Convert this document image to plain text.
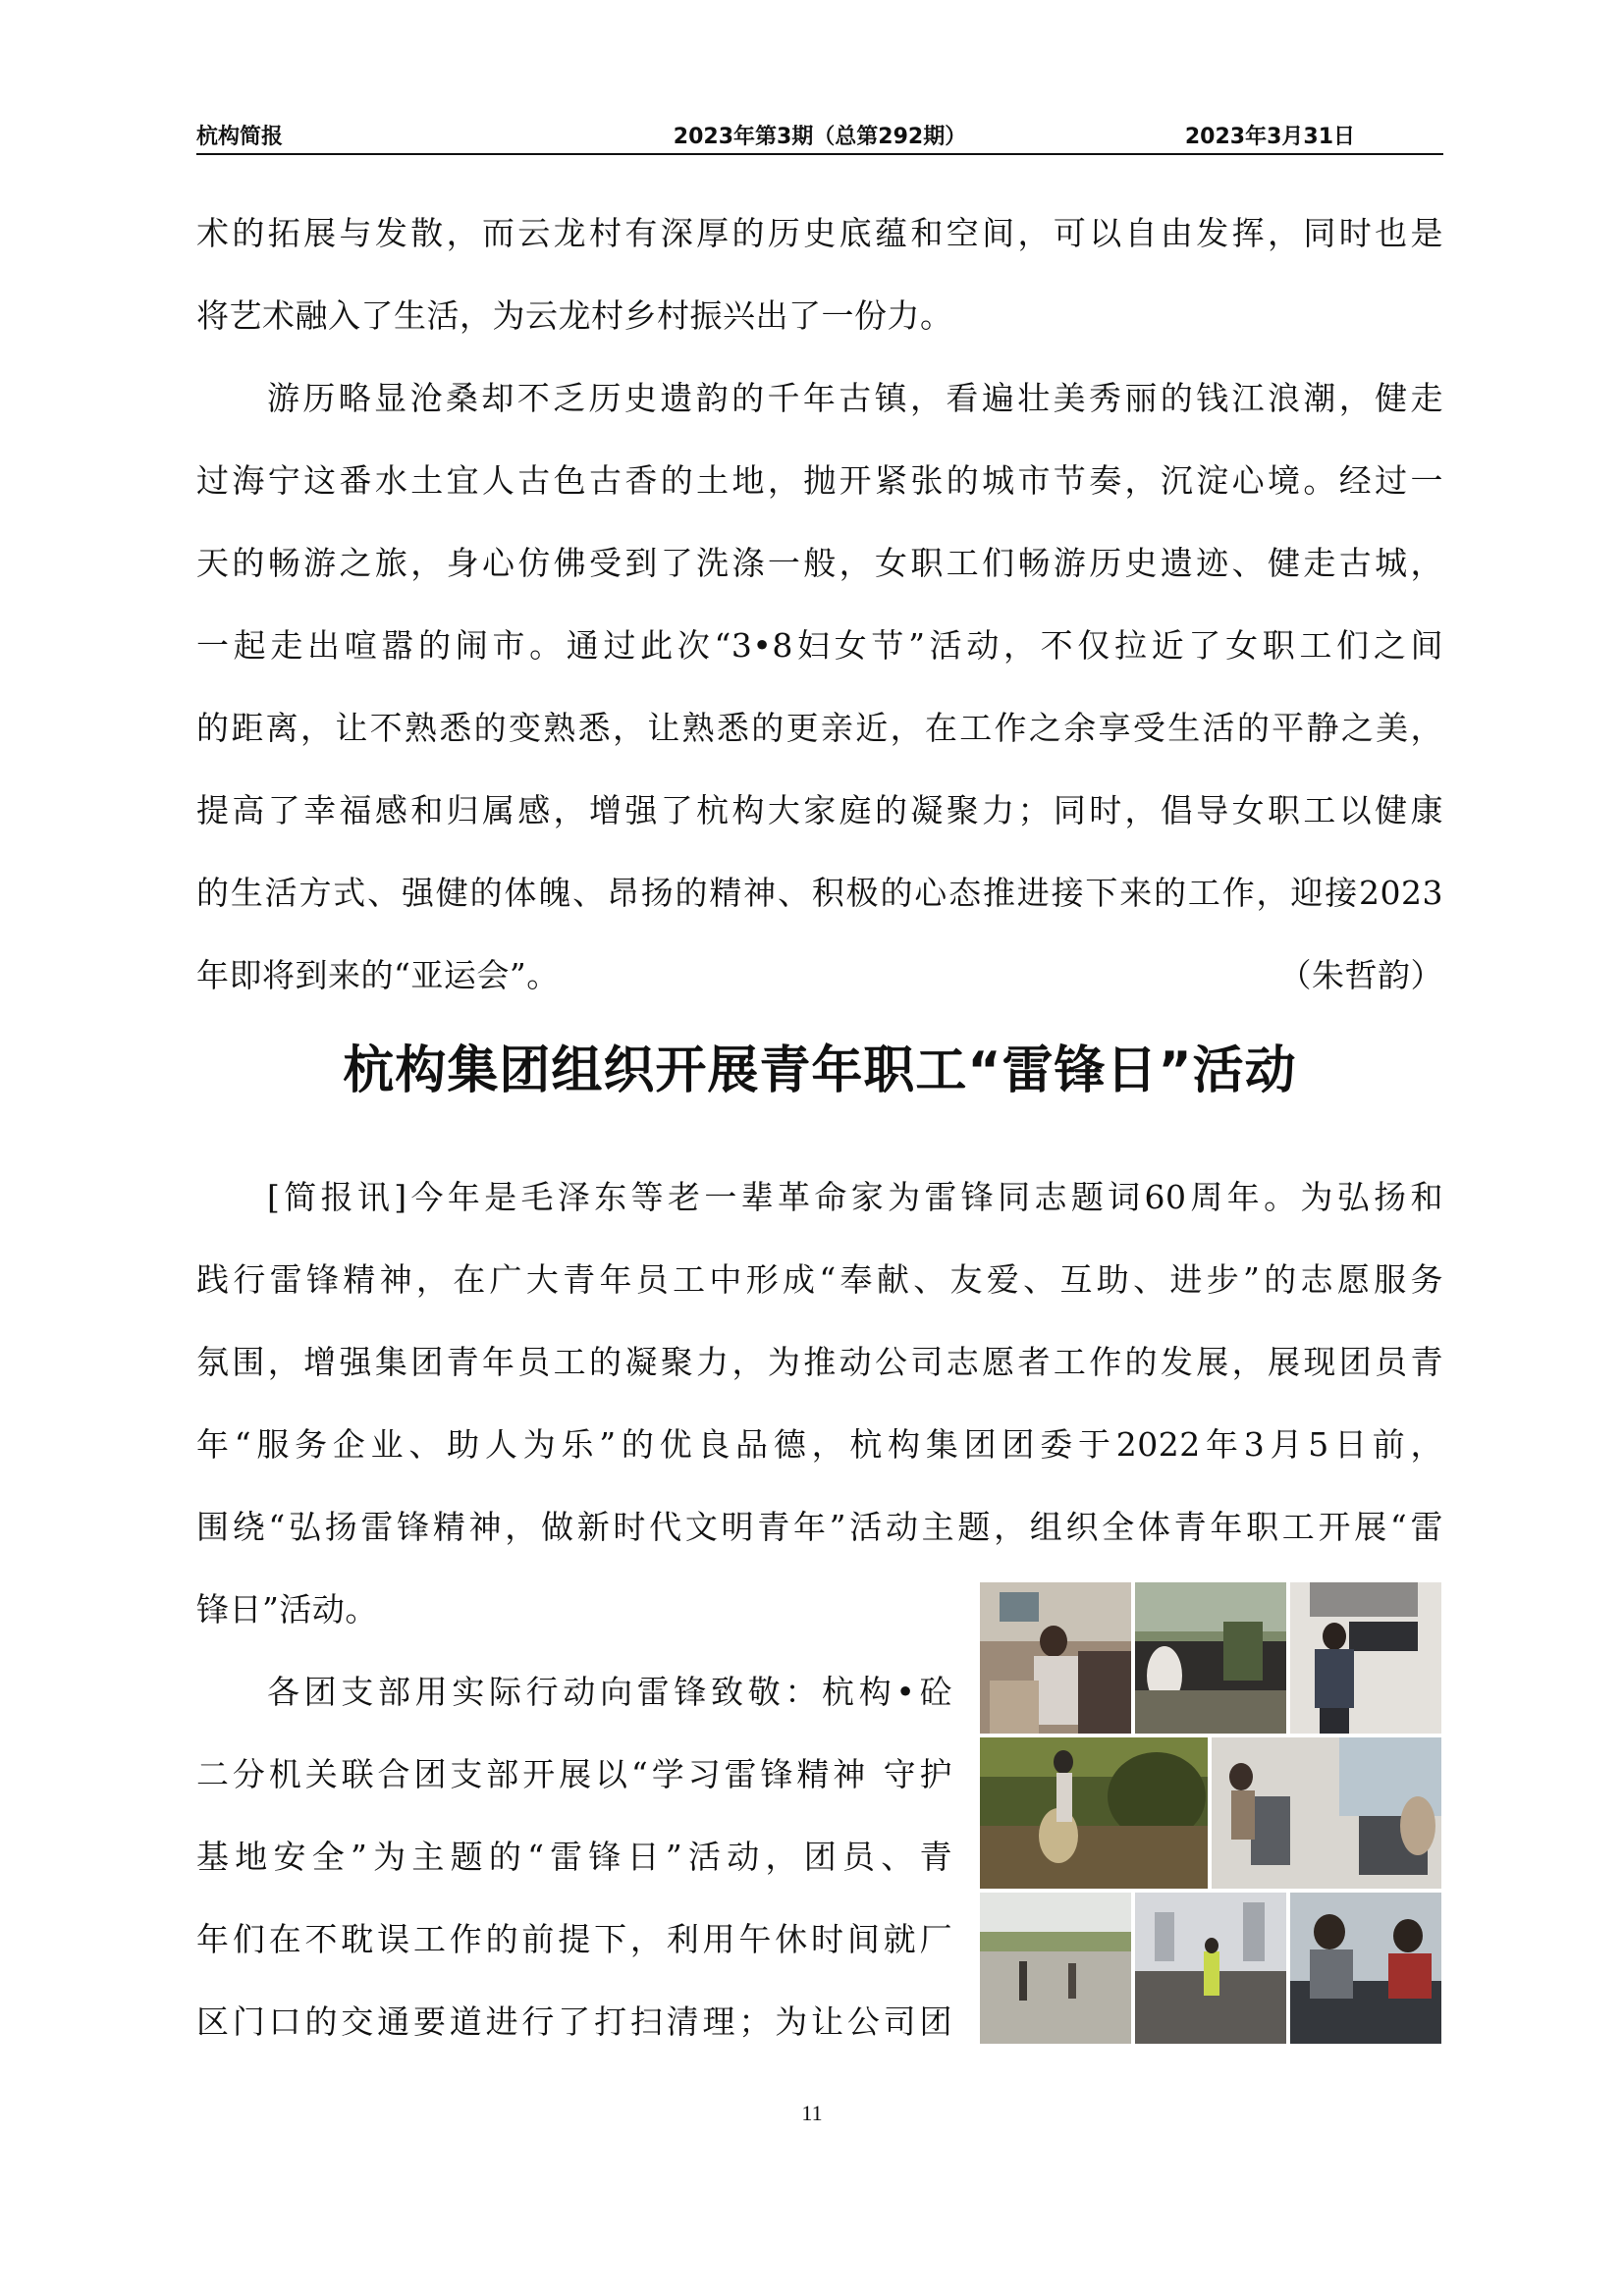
杭构简报	2023年第3期（总第292期）	2023年3月31日
术的拓展与发散，而云龙村有深厚的历史底蕴和空间，可以自由发挥，同时也是
将艺术融入了生活，为云龙村乡村振兴出了一份力。
游历略显沧桑却不乏历史遗韵的千年古镇，看遍壮美秀丽的钱江浪潮，健走
过海宁这番水土宜人古色古香的土地，抛开紧张的城市节奏，沉淀心境。经过一
天的畅游之旅，身心仿佛受到了洗涤一般，女职工们畅游历史遗迹、健走古城，
一起走出喧嚣的闹市。通过此次“3•8妇女节”活动，不仅拉近了女职工们之间
的距离，让不熟悉的变熟悉，让熟悉的更亲近，在工作之余享受生活的平静之美，
提高了幸福感和归属感，增强了杭构大家庭的凝聚力；同时，倡导女职工以健康
的生活方式、强健的体魄、昂扬的精神、积极的心态推进接下来的工作，迎接2023
年即将到来的“亚运会”。	（朱哲韵）
杭构集团组织开展青年职工“雷锋日”活动
[简报讯]今年是毛泽东等老一辈革命家为雷锋同志题词60周年。为弘扬和
践行雷锋精神，在广大青年员工中形成“奉献、友爱、互助、进步”的志愿服务
氛围，增强集团青年员工的凝聚力，为推动公司志愿者工作的发展，展现团员青
年“服务企业、助人为乐”的优良品德，杭构集团团委于2022年3月5日前，
围绕“弘扬雷锋精神，做新时代文明青年”活动主题，组织全体青年职工开展“雷
锋日”活动。
各团支部用实际行动向雷锋致敬：杭构•砼
二分机关联合团支部开展以“学习雷锋精神 守护
基地安全”为主题的“雷锋日”活动，团员、青
年们在不耽误工作的前提下，利用午休时间就厂
区门口的交通要道进行了打扫清理；为让公司团
11
